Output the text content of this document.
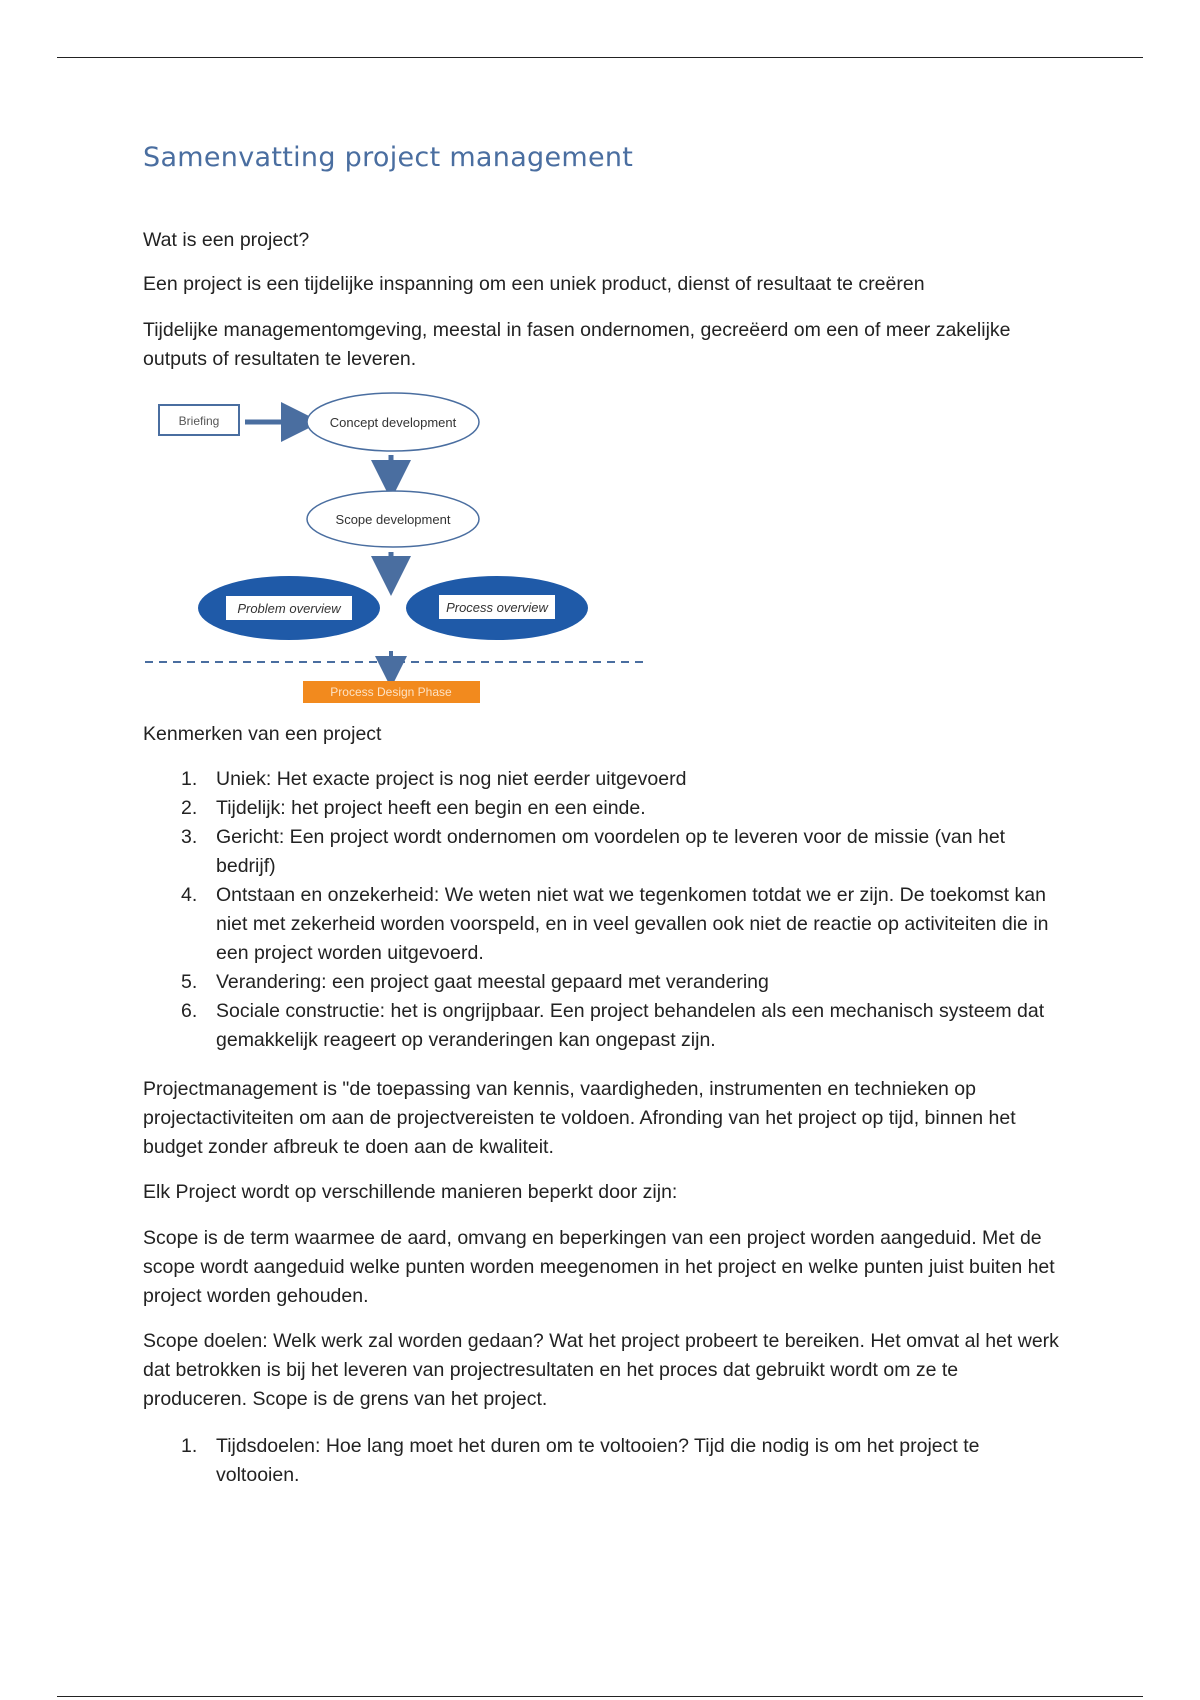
Samenvatting project management
Wat is een project?
Een project is een tijdelijke inspanning om een uniek product, dienst of resultaat te creëren
Tijdelijke managementomgeving, meestal in fasen ondernomen, gecreëerd om een of meer zakelijke outputs of resultaten te leveren.
Kenmerken van een project
1. Uniek: Het exacte project is nog niet eerder uitgevoerd
2. Tijdelijk: het project heeft een begin en een einde.
3. Gericht: Een project wordt ondernomen om voordelen op te leveren voor de missie (van het bedrijf)
4. Ontstaan en onzekerheid: We weten niet wat we tegenkomen totdat we er zijn. De toekomst kan niet met zekerheid worden voorspeld, en in veel gevallen ook niet de reactie op activiteiten die in een project worden uitgevoerd.
5. Verandering: een project gaat meestal gepaard met verandering
6. Sociale constructie: het is ongrijpbaar. Een project behandelen als een mechanisch systeem dat gemakkelijk reageert op veranderingen kan ongepast zijn.
Projectmanagement is "de toepassing van kennis, vaardigheden, instrumenten en technieken op projectactiviteiten om aan de projectvereisten te voldoen. Afronding van het project op tijd, binnen het budget zonder afbreuk te doen aan de kwaliteit.
Elk Project wordt op verschillende manieren beperkt door zijn:
Scope is de term waarmee de aard, omvang en beperkingen van een project worden aangeduid. Met de scope wordt aangeduid welke punten worden meegenomen in het project en welke punten juist buiten het project worden gehouden.
Scope doelen: Welk werk zal worden gedaan? Wat het project probeert te bereiken. Het omvat al het werk dat betrokken is bij het leveren van projectresultaten en het proces dat gebruikt wordt om ze te produceren. Scope is de grens van het project.
1. Tijdsdoelen: Hoe lang moet het duren om te voltooien? Tijd die nodig is om het project te voltooien.
Briefing	Concept development
Scope development
Problem overview	Process overview
Process Design Phase
